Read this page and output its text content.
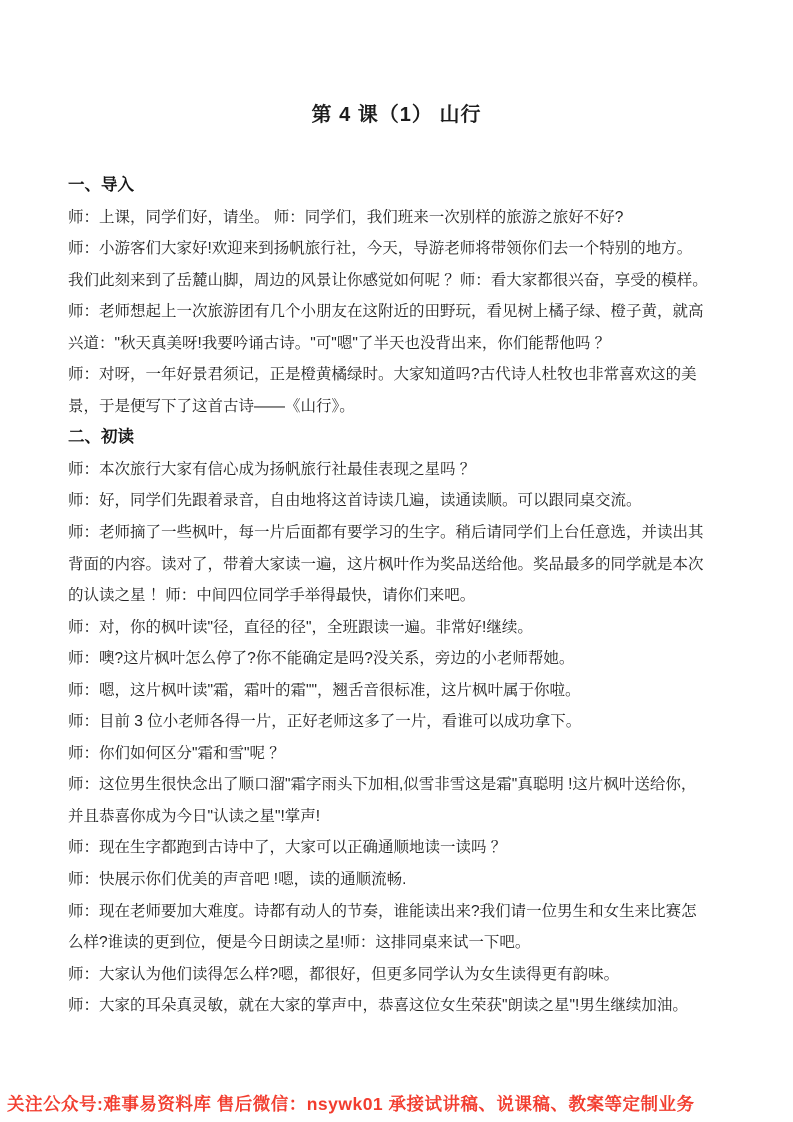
第 4 课（1） 山行
一、导入
师：上课，同学们好，请坐。 师：同学们，我们班来一次别样的旅游之旅好不好?
师：小游客们大家好!欢迎来到扬帆旅行社，今天，导游老师将带领你们去一个特别的地方。
我们此刻来到了岳麓山脚，周边的风景让你感觉如何呢 ？师：看大家都很兴奋，享受的模样。
师：老师想起上一次旅游团有几个小朋友在这附近的田野玩，看见树上橘子绿、橙子黄，就高
兴道："秋天真美呀!我要吟诵古诗。"可"嗯"了半天也没背出来，你们能帮他吗 ？
师：对呀，一年好景君须记，正是橙黄橘绿时。大家知道吗?古代诗人杜牧也非常喜欢这的美
景，于是便写下了这首古诗——《山行》。
二、初读
师：本次旅行大家有信心成为扬帆旅行社最佳表现之星吗 ？
师：好，同学们先跟着录音，自由地将这首诗读几遍，读通读顺。可以跟同桌交流。
师：老师摘了一些枫叶，每一片后面都有要学习的生字。稍后请同学们上台任意选，并读出其
背面的内容。读对了，带着大家读一遍，这片枫叶作为奖品送给他。奖品最多的同学就是本次
的认读之星 ！师：中间四位同学手举得最快，请你们来吧。
师：对，你的枫叶读"径，直径的径"，全班跟读一遍。非常好!继续。
师：噢?这片枫叶怎么停了?你不能确定是吗?没关系，旁边的小老师帮她。
师：嗯，这片枫叶读"霜，霜叶的霜""，翘舌音很标准，这片枫叶属于你啦。
师：目前 3 位小老师各得一片，正好老师这多了一片，看谁可以成功拿下。
师：你们如何区分"霜和雪"呢 ？
师：这位男生很快念出了顺口溜"霜字雨头下加相,似雪非雪这是霜"真聪明 !这片枫叶送给你，
并且恭喜你成为今日"认读之星"!掌声!
师：现在生字都跑到古诗中了，大家可以正确通顺地读一读吗 ？
师：快展示你们优美的声音吧 !嗯，读的通顺流畅.
师：现在老师要加大难度。诗都有动人的节奏，谁能读出来?我们请一位男生和女生来比赛怎
么样?谁读的更到位，便是今日朗读之星!师：这排同桌来试一下吧。
师：大家认为他们读得怎么样?嗯，都很好，但更多同学认为女生读得更有韵味。
师：大家的耳朵真灵敏，就在大家的掌声中，恭喜这位女生荣获"朗读之星"!男生继续加油。
关注公众号:难事易资料库 售后微信：nsywk01 承接试讲稿、说课稿、教案等定制业务
